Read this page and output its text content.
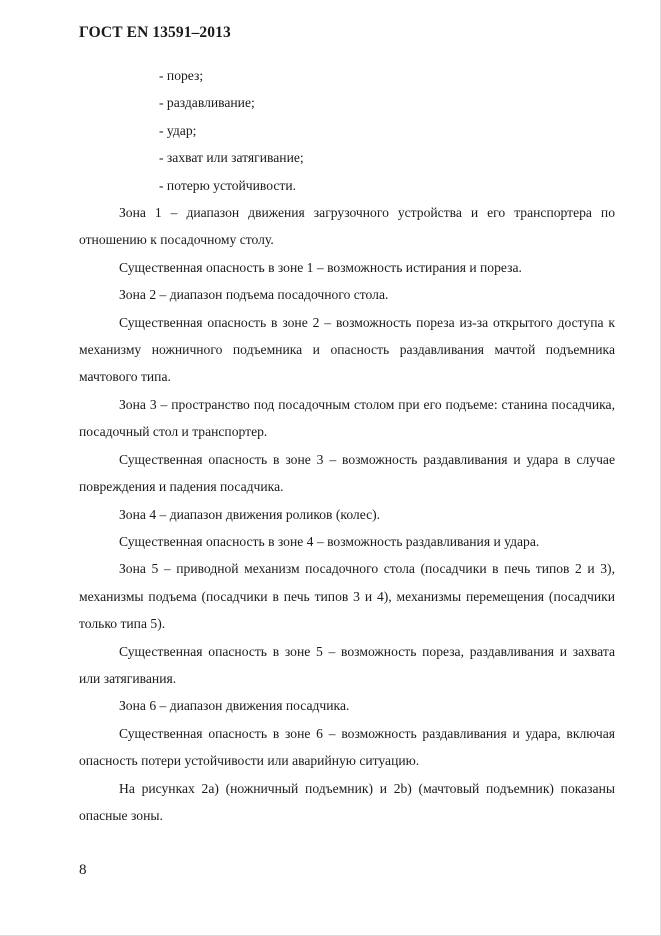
ГОСТ EN 13591–2013

- порез;

- раздавливание;

- удар;

- захват или затягивание;

- потерю устойчивости.

Зона 1 – диапазон движения загрузочного устройства и его транспортера по отношению к посадочному столу.

Существенная опасность в зоне 1 – возможность истирания и пореза.

Зона 2 – диапазон подъема посадочного стола.

Существенная опасность в зоне 2 – возможность пореза из-за открытого доступа к механизму ножничного подъемника и опасность раздавливания мачтой подъемника мачтового типа.

Зона 3 – пространство под посадочным столом при его подъеме: станина посадчика, посадочный стол и транспортер.

Существенная опасность в зоне 3 – возможность раздавливания и удара в случае повреждения и падения посадчика.

Зона 4 – диапазон движения роликов (колес).

Существенная опасность в зоне 4 – возможность раздавливания и удара.

Зона 5 – приводной механизм посадочного стола (посадчики в печь типов 2 и 3), механизмы подъема (посадчики в печь типов 3 и 4), механизмы перемещения (посадчики только типа 5).

Существенная опасность в зоне 5 – возможность пореза, раздавливания и захвата или затягивания.

Зона 6 – диапазон движения посадчика.

Существенная опасность в зоне 6 – возможность раздавливания и удара, включая опасность потери устойчивости или аварийную ситуацию.

На рисунках 2а) (ножничный подъемник) и 2b) (мачтовый подъемник) показаны опасные зоны.

8
